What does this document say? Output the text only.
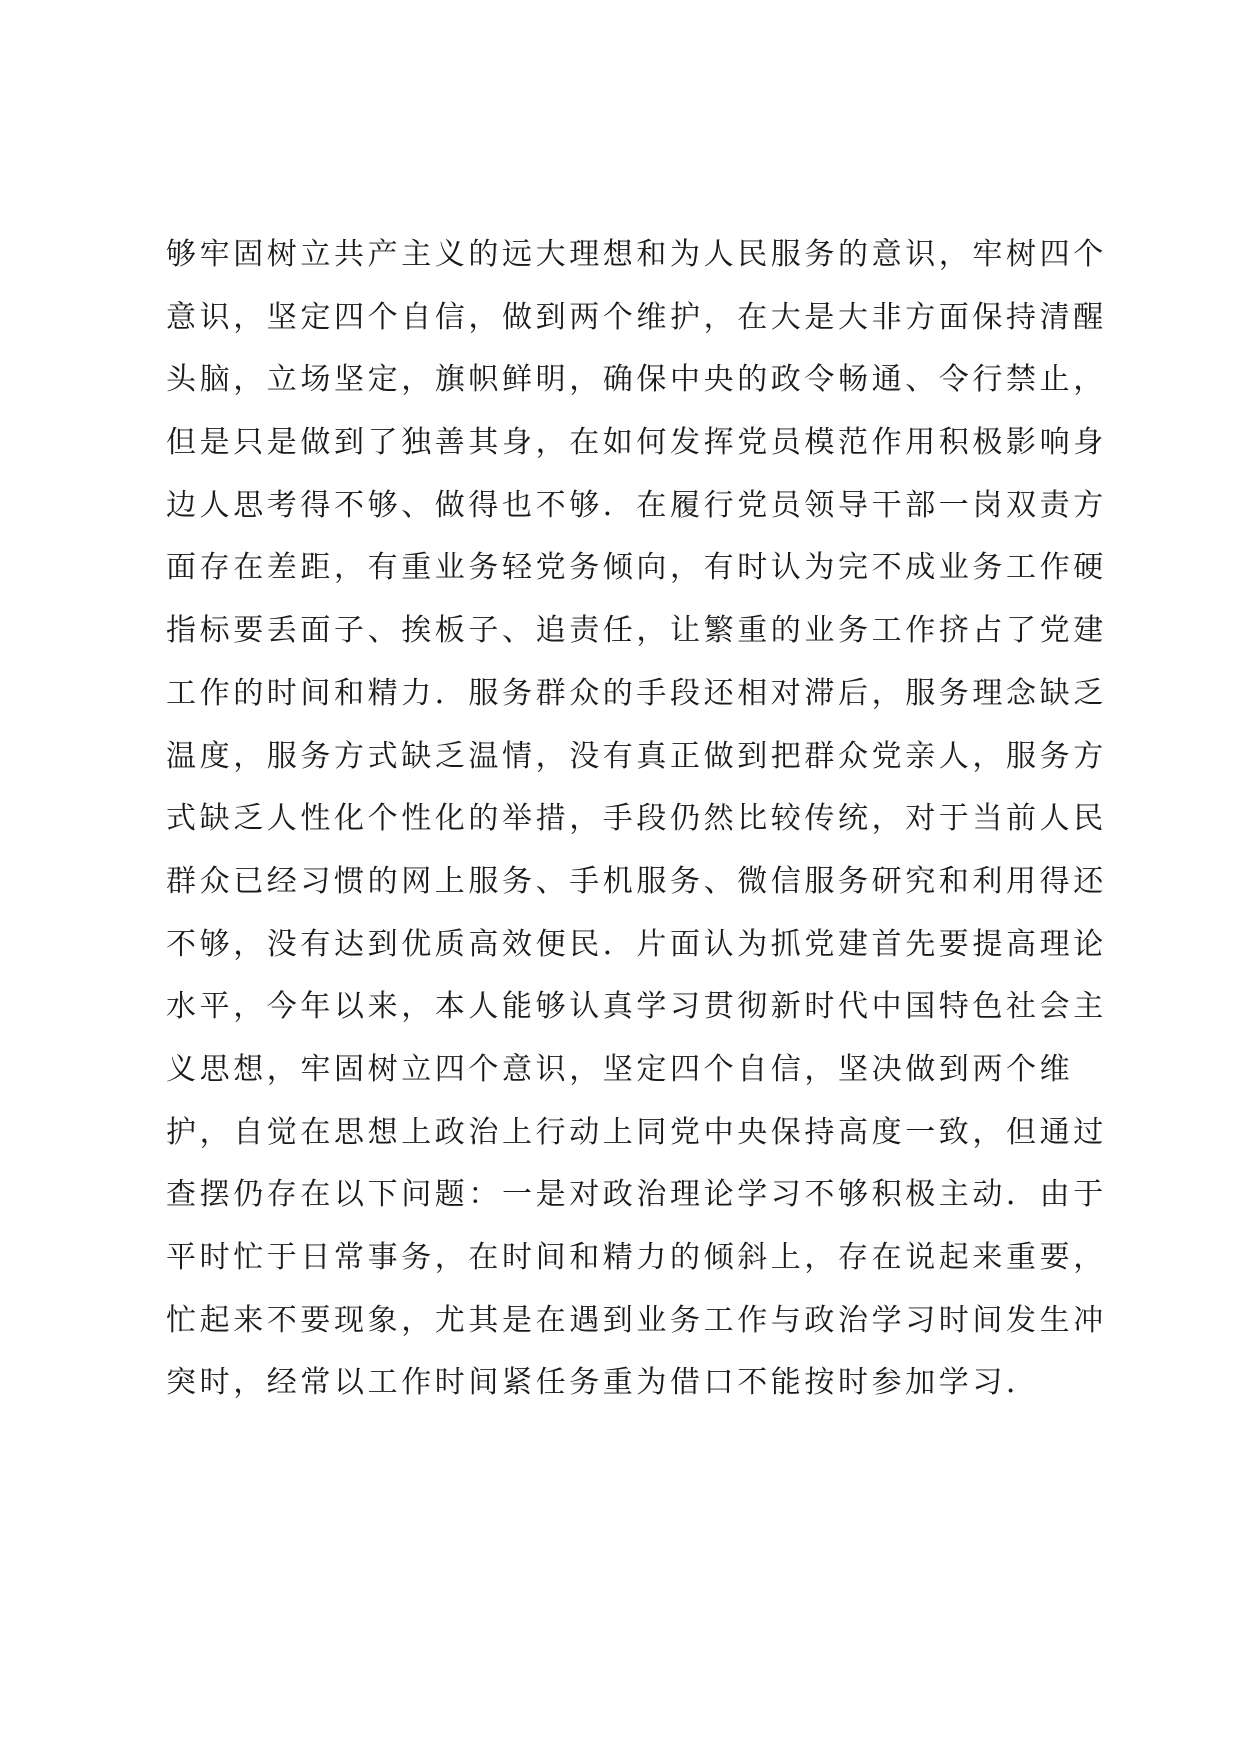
够牢固树立共产主义的远大理想和为人民服务的意识，牢树四个
意识，坚定四个自信，做到两个维护，在大是大非方面保持清醒
头脑，立场坚定，旗帜鲜明，确保中央的政令畅通、令行禁止，
但是只是做到了独善其身，在如何发挥党员模范作用积极影响身
边人思考得不够、做得也不够．在履行党员领导干部一岗双责方
面存在差距，有重业务轻党务倾向，有时认为完不成业务工作硬
指标要丢面子、挨板子、追责任，让繁重的业务工作挤占了党建
工作的时间和精力．服务群众的手段还相对滞后，服务理念缺乏
温度，服务方式缺乏温情，没有真正做到把群众党亲人，服务方
式缺乏人性化个性化的举措，手段仍然比较传统，对于当前人民
群众已经习惯的网上服务、手机服务、微信服务研究和利用得还
不够，没有达到优质高效便民．片面认为抓党建首先要提高理论
水平，今年以来，本人能够认真学习贯彻新时代中国特色社会主
义思想，牢固树立四个意识，坚定四个自信，坚决做到两个维
护，自觉在思想上政治上行动上同党中央保持高度一致，但通过
查摆仍存在以下问题：一是对政治理论学习不够积极主动．由于
平时忙于日常事务，在时间和精力的倾斜上，存在说起来重要，
忙起来不要现象，尤其是在遇到业务工作与政治学习时间发生冲
突时，经常以工作时间紧任务重为借口不能按时参加学习．
